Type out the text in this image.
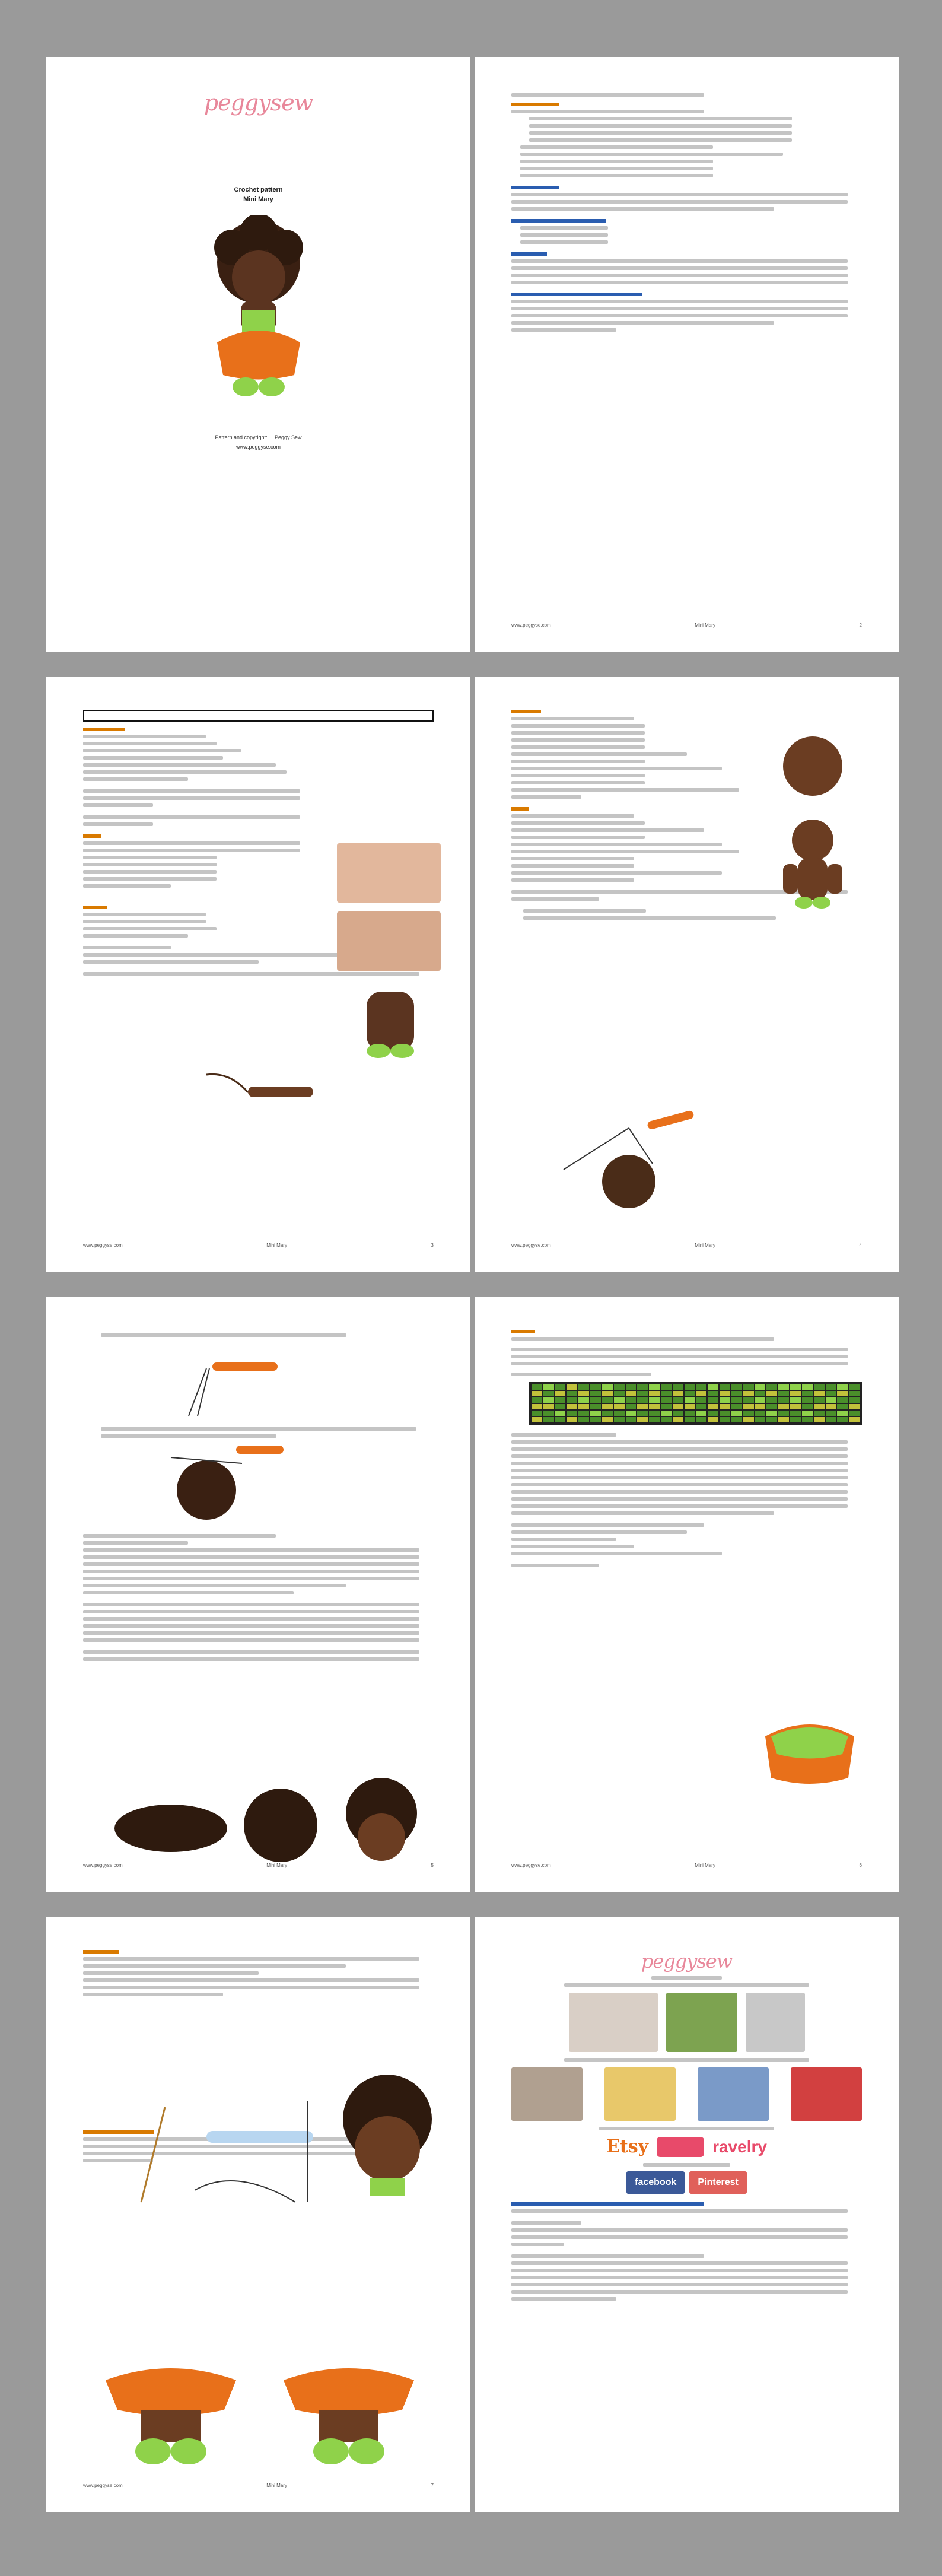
peggysew
Crochet pattern
Mini Mary
Pattern and copyright: ... Peggy Sew
www.peggyse.com
www.peggyse.com	Mini Mary	2
www.peggyse.com	Mini Mary	3	www.peggyse.com	Mini Mary	4
www.peggyse.com	Mini Mary	5	www.peggyse.com	Mini Mary	6
www.peggyse.com	Mini Mary	7
peggysew
Etsy	ravelry
facebook	Pinterest
